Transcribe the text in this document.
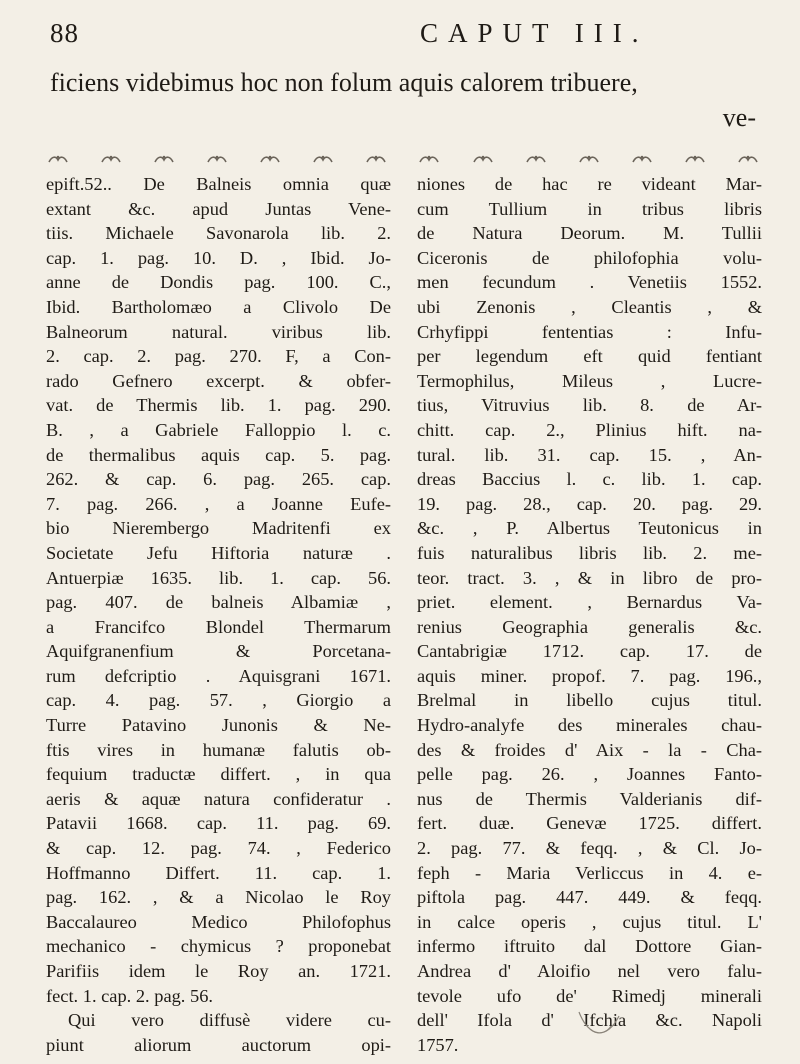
88	CAPUT III.
ficiens videbimus hoc non folum aquis calorem tribuere,
ve-
epift.52.. De Balneis omnia quæ
extant &c. apud Juntas Vene-
tiis. Michaele Savonarola lib. 2.
cap. 1. pag. 10. D. , Ibid. Jo-
anne de Dondis pag. 100. C.,
Ibid. Bartholomæo a Clivolo De
Balneorum natural. viribus lib.
2. cap. 2. pag. 270. F, a Con-
rado Gefnero excerpt. & obfer-
vat. de Thermis lib. 1. pag. 290.
B. , a Gabriele Falloppio l. c.
de thermalibus aquis cap. 5. pag.
262. & cap. 6. pag. 265. cap.
7. pag. 266. , a Joanne Eufe-
bio Nierembergo Madritenfi ex
Societate Jefu Hiftoria naturæ .
Antuerpiæ 1635. lib. 1. cap. 56.
pag. 407. de balneis Albamiæ ,
a Francifco Blondel Thermarum
Aquifgranenfium & Porcetana-
rum defcriptio . Aquisgrani 1671.
cap. 4. pag. 57. , Giorgio a
Turre Patavino Junonis & Ne-
ftis vires in humanæ falutis ob-
fequium traductæ differt. , in qua
aeris & aquæ natura confideratur .
Patavii 1668. cap. 11. pag. 69.
& cap. 12. pag. 74. , Federico
Hoffmanno Differt. 11. cap. 1.
pag. 162. , & a Nicolao le Roy
Baccalaureo Medico Philofophus
mechanico - chymicus ? proponebat
Parifiis idem le Roy an. 1721.
fect. 1. cap. 2. pag. 56.
Qui vero diffusè videre cu-
piunt aliorum auctorum opi-
niones de hac re videant Mar-
cum Tullium in tribus libris
de Natura Deorum. M. Tullii
Ciceronis de philofophia volu-
men fecundum . Venetiis 1552.
ubi Zenonis , Cleantis , &
Crhyfippi fententias : Infu-
per legendum eft quid fentiant
Termophilus, Mileus , Lucre-
tius, Vitruvius lib. 8. de Ar-
chitt. cap. 2., Plinius hift. na-
tural. lib. 31. cap. 15. , An-
dreas Baccius l. c. lib. 1. cap.
19. pag. 28., cap. 20. pag. 29.
&c. , P. Albertus Teutonicus in
fuis naturalibus libris lib. 2. me-
teor. tract. 3. , & in libro de pro-
priet. element. , Bernardus Va-
renius Geographia generalis &c.
Cantabrigiæ 1712. cap. 17. de
aquis miner. propof. 7. pag. 196.,
Brelmal in libello cujus titul.
Hydro-analyfe des minerales chau-
des & froides d' Aix - la - Cha-
pelle pag. 26. , Joannes Fanto-
nus de Thermis Valderianis dif-
fert. duæ. Genevæ 1725. differt.
2. pag. 77. & feqq. , & Cl. Jo-
feph - Maria Verliccus in 4. e-
piftola pag. 447. 449. & feqq.
in calce operis , cujus titul. L'
infermo iftruito dal Dottore Gian-
Andrea d' Aloifio nel vero falu-
tevole ufo de' Rimedj minerali
dell' Ifola d' Ifchia &c. Napoli
1757.
